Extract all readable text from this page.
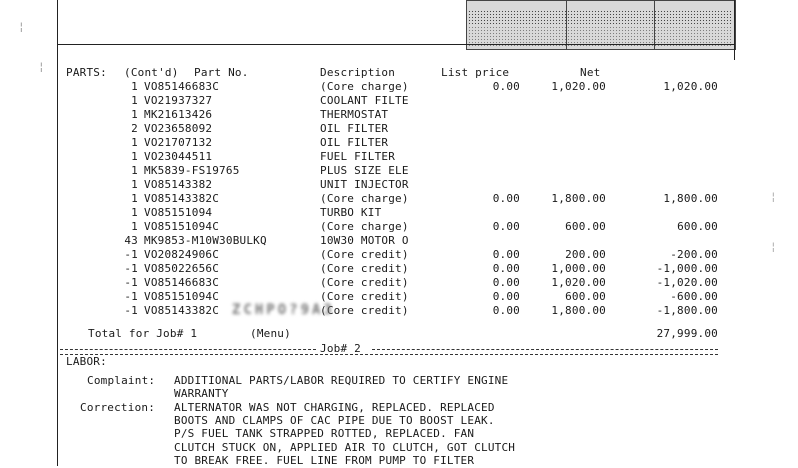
¦
¦
¦
¦
PARTS: (Cont'd) Part No.	Description	List price	Net
1 VO85146683C	(Core charge)	0.00	1,020.00	1,020.00
1 VO21937327	COOLANT FILTE
1 MK21613426	THERMOSTAT
2 VO23658092	OIL FILTER
1 VO21707132	OIL FILTER
1 VO23044511	FUEL FILTER
1 MK5839-FS19765	PLUS SIZE ELE
1 VO85143382	UNIT INJECTOR
1 VO85143382C	(Core charge)	0.00	1,800.00	1,800.00
1 VO85151094	TURBO KIT
1 VO85151094C	(Core charge)	0.00	600.00	600.00
43 MK9853-M10W30BULKQ	10W30 MOTOR O
-1 VO20824906C	(Core credit)	0.00	200.00	-200.00
-1 VO85022656C	(Core credit)	0.00	1,000.00	-1,000.00
-1 VO85146683C	(Core credit)	0.00	1,020.00	-1,020.00
-1 VO85151094C	(Core credit)	0.00	600.00	-600.00
-1 VO85143382C	(Core credit)	0.00	1,800.00	-1,800.00
ZCHPO?9A3
Total for Job# 1	(Menu)	27,999.00
Job# 2
LABOR:
Complaint: ADDITIONAL PARTS/LABOR REQUIRED TO CERTIFY ENGINE
WARRANTY
Correction: ALTERNATOR WAS NOT CHARGING, REPLACED. REPLACED
BOOTS AND CLAMPS OF CAC PIPE DUE TO BOOST LEAK.
P/S FUEL TANK STRAPPED ROTTED, REPLACED. FAN
CLUTCH STUCK ON, APPLIED AIR TO CLUTCH, GOT CLUTCH
TO BREAK FREE. FUEL LINE FROM PUMP TO FILTER
